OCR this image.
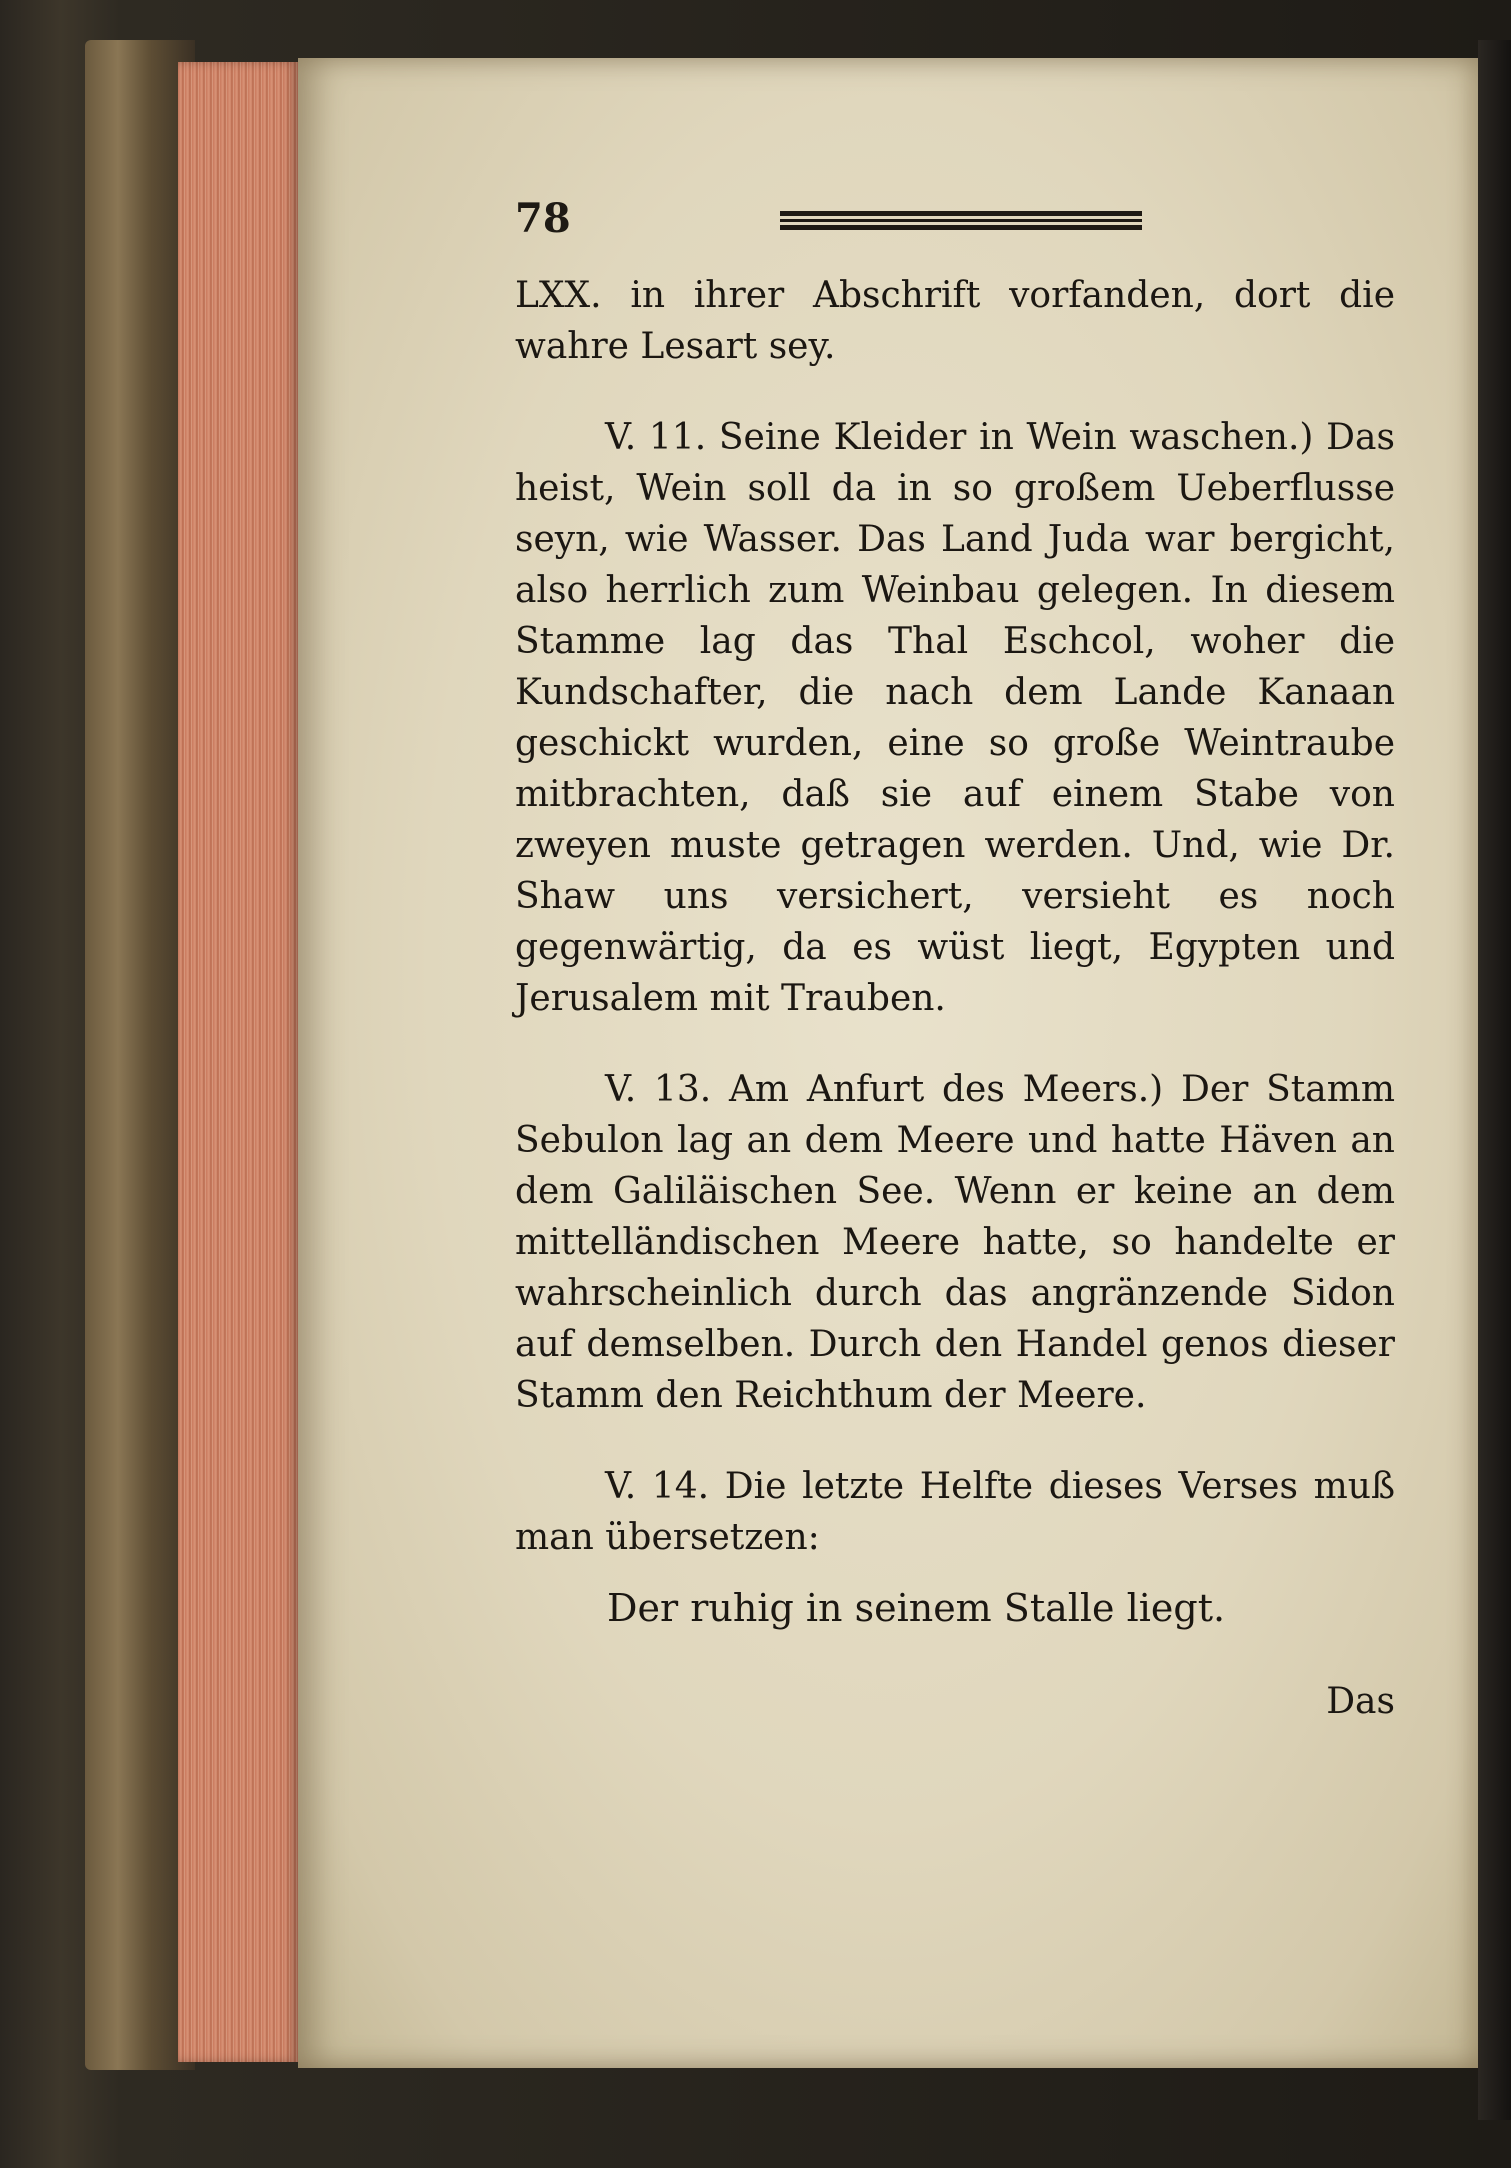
78

LXX. in ihrer Abschrift vorfanden, dort die wahre Lesart sey.

V. 11. Seine Kleider in Wein waschen.) Das heist, Wein soll da in so großem Ueberflusse seyn, wie Wasser. Das Land Juda war bergicht, also herrlich zum Weinbau gelegen. In diesem Stamme lag das Thal Eschcol, woher die Kundschafter, die nach dem Lande Kanaan geschickt wurden, eine so große Weintraube mitbrachten, daß sie auf einem Stabe von zweyen muste getragen werden. Und, wie Dr. Shaw uns versichert, versieht es noch gegenwärtig, da es wüst liegt, Egypten und Jerusalem mit Trauben.

V. 13. Am Anfurt des Meers.) Der Stamm Sebulon lag an dem Meere und hatte Häven an dem Galiläischen See. Wenn er keine an dem mittelländischen Meere hatte, so handelte er wahrscheinlich durch das angränzende Sidon auf demselben. Durch den Handel genos dieser Stamm den Reichthum der Meere.

V. 14. Die letzte Helfte dieses Verses muß man übersetzen:

Der ruhig in seinem Stalle liegt.

Das
